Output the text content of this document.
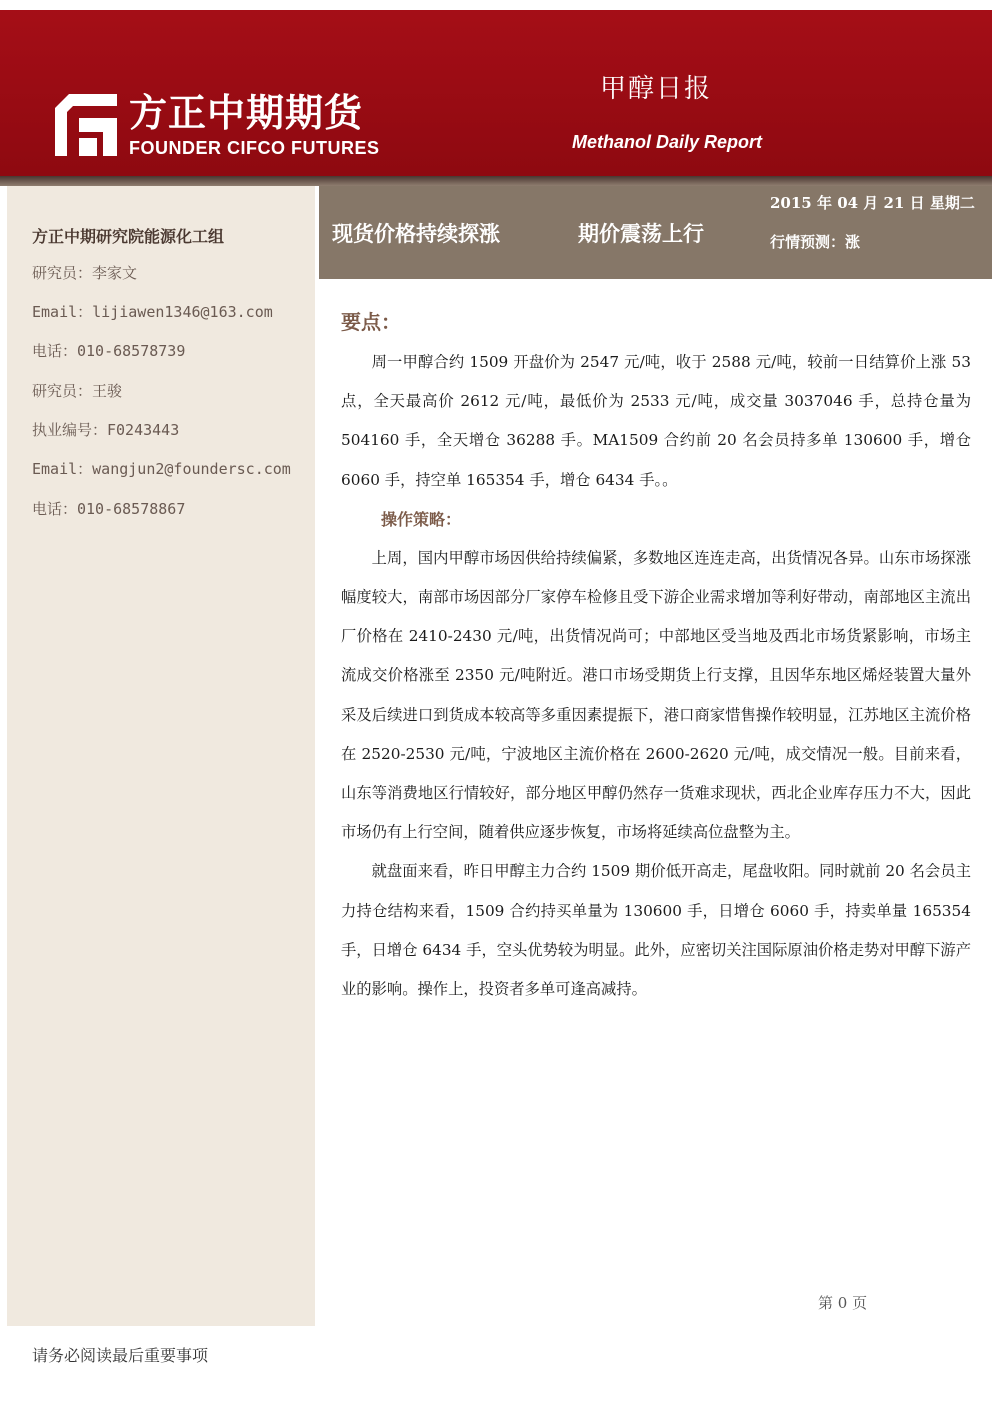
方正中期期货
FOUNDER CIFCO FUTURES
甲醇日报
Methanol Daily Report
方正中期研究院能源化工组
研究员：李家文
Email：lijiawen1346@163.com
电话：010-68578739
研究员：王骏
执业编号：F0243443
Email：wangjun2@foundersc.com
电话：010-68578867
现货价格持续探涨	期价震荡上行
2015 年 04 月 21 日 星期二
行情预测：涨
要点：

周一甲醇合约 1509 开盘价为 2547 元/吨，收于 2588 元/吨，较前一日结算价上涨 53 点，全天最高价 2612 元/吨，最低价为 2533 元/吨，成交量 3037046 手，总持仓量为 504160 手，全天增仓 36288 手。MA1509 合约前 20 名会员持多单 130600 手，增仓 6060 手，持空单 165354 手，增仓 6434 手。。

操作策略：

上周，国内甲醇市场因供给持续偏紧，多数地区连连走高，出货情况各异。山东市场探涨幅度较大，南部市场因部分厂家停车检修且受下游企业需求增加等利好带动，南部地区主流出厂价格在 2410-2430 元/吨，出货情况尚可；中部地区受当地及西北市场货紧影响，市场主流成交价格涨至 2350 元/吨附近。港口市场受期货上行支撑，且因华东地区烯烃装置大量外采及后续进口到货成本较高等多重因素提振下，港口商家惜售操作较明显，江苏地区主流价格在 2520-2530 元/吨，宁波地区主流价格在 2600-2620 元/吨，成交情况一般。目前来看，山东等消费地区行情较好，部分地区甲醇仍然存一货难求现状，西北企业库存压力不大，因此市场仍有上行空间，随着供应逐步恢复，市场将延续高位盘整为主。

就盘面来看，昨日甲醇主力合约 1509 期价低开高走，尾盘收阳。同时就前 20 名会员主力持仓结构来看，1509 合约持买单量为 130600 手，日增仓 6060 手，持卖单量 165354 手，日增仓 6434 手，空头优势较为明显。此外，应密切关注国际原油价格走势对甲醇下游产业的影响。操作上，投资者多单可逢高减持。

第 0 页
请务必阅读最后重要事项
